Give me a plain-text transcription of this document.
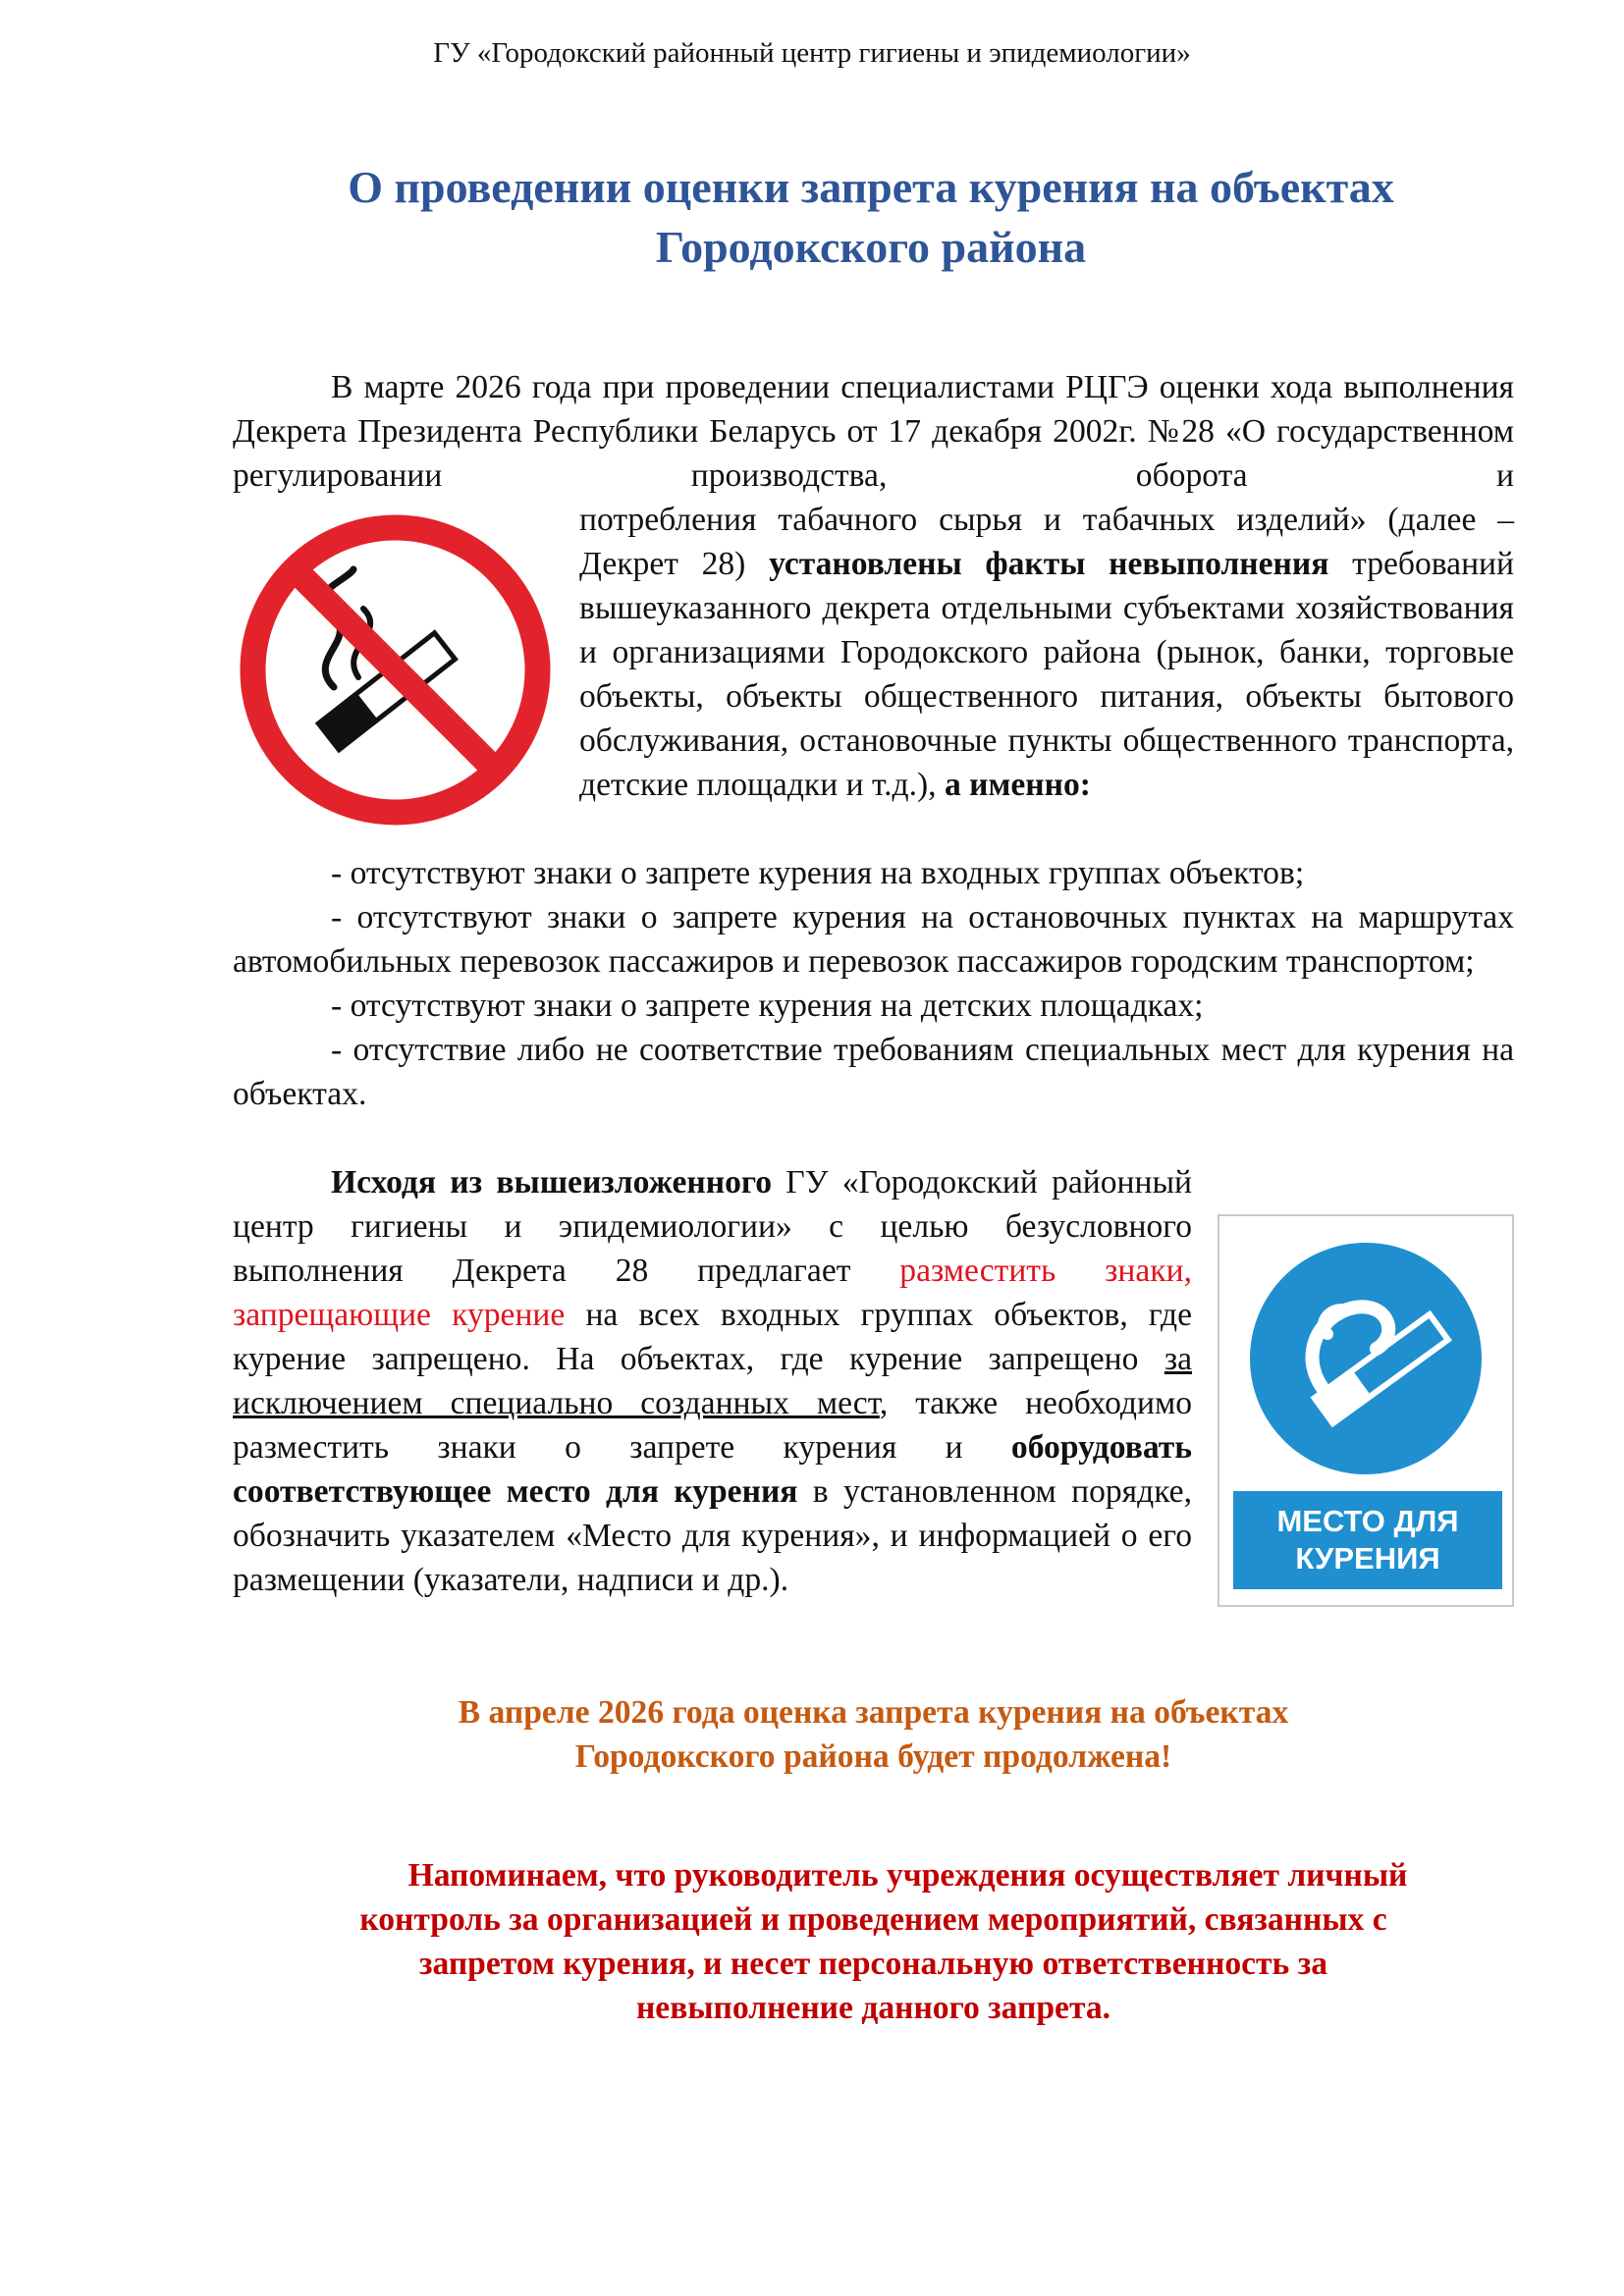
ГУ «Городокский районный центр гигиены и эпидемиологии»
О проведении оценки запрета курения на объектах
Городокского района
В марте 2026 года при проведении специалистами РЦГЭ оценки хода выполнения Декрета Президента Республики Беларусь от 17 декабря 2002г. №28 «О государственном регулировании производства, оборота и
потребления табачного сырья и табачных изделий» (далее – Декрет 28) установлены факты невыполнения требований вышеуказанного декрета отдельными субъектами хозяйствования и организациями Городокского района (рынок, банки, торговые объекты, объекты общественного питания, объекты бытового обслуживания, остановочные пункты общественного транспорта, детские площадки и т.д.), а именно:
- отсутствуют знаки о запрете курения на входных группах объектов;
- отсутствуют знаки о запрете курения на остановочных пунктах на маршрутах автомобильных перевозок пассажиров и перевозок пассажиров городским транспортом;
- отсутствуют знаки о запрете курения на детских площадках;
- отсутствие либо не соответствие требованиям специальных мест для курения на объектах.
МЕСТО ДЛЯ
КУРЕНИЯ
Исходя из вышеизложенного ГУ «Городокский районный центр гигиены и эпидемиологии» с целью безусловного выполнения Декрета 28 предлагает разместить знаки, запрещающие курение на всех входных группах объектов, где курение запрещено. На объектах, где курение запрещено за исключением специально созданных мест, также необходимо разместить знаки о запрете курения и оборудовать соответствующее место для курения в установленном порядке, обозначить указателем «Место для курения», и информацией о его размещении (указатели, надписи и др.).
В апреле 2026 года оценка запрета курения на объектах
Городокского района будет продолжена!
Напоминаем, что руководитель учреждения осуществляет личный
контроль за организацией и проведением мероприятий, связанных с
запретом курения, и несет персональную ответственность за
невыполнение данного запрета.
